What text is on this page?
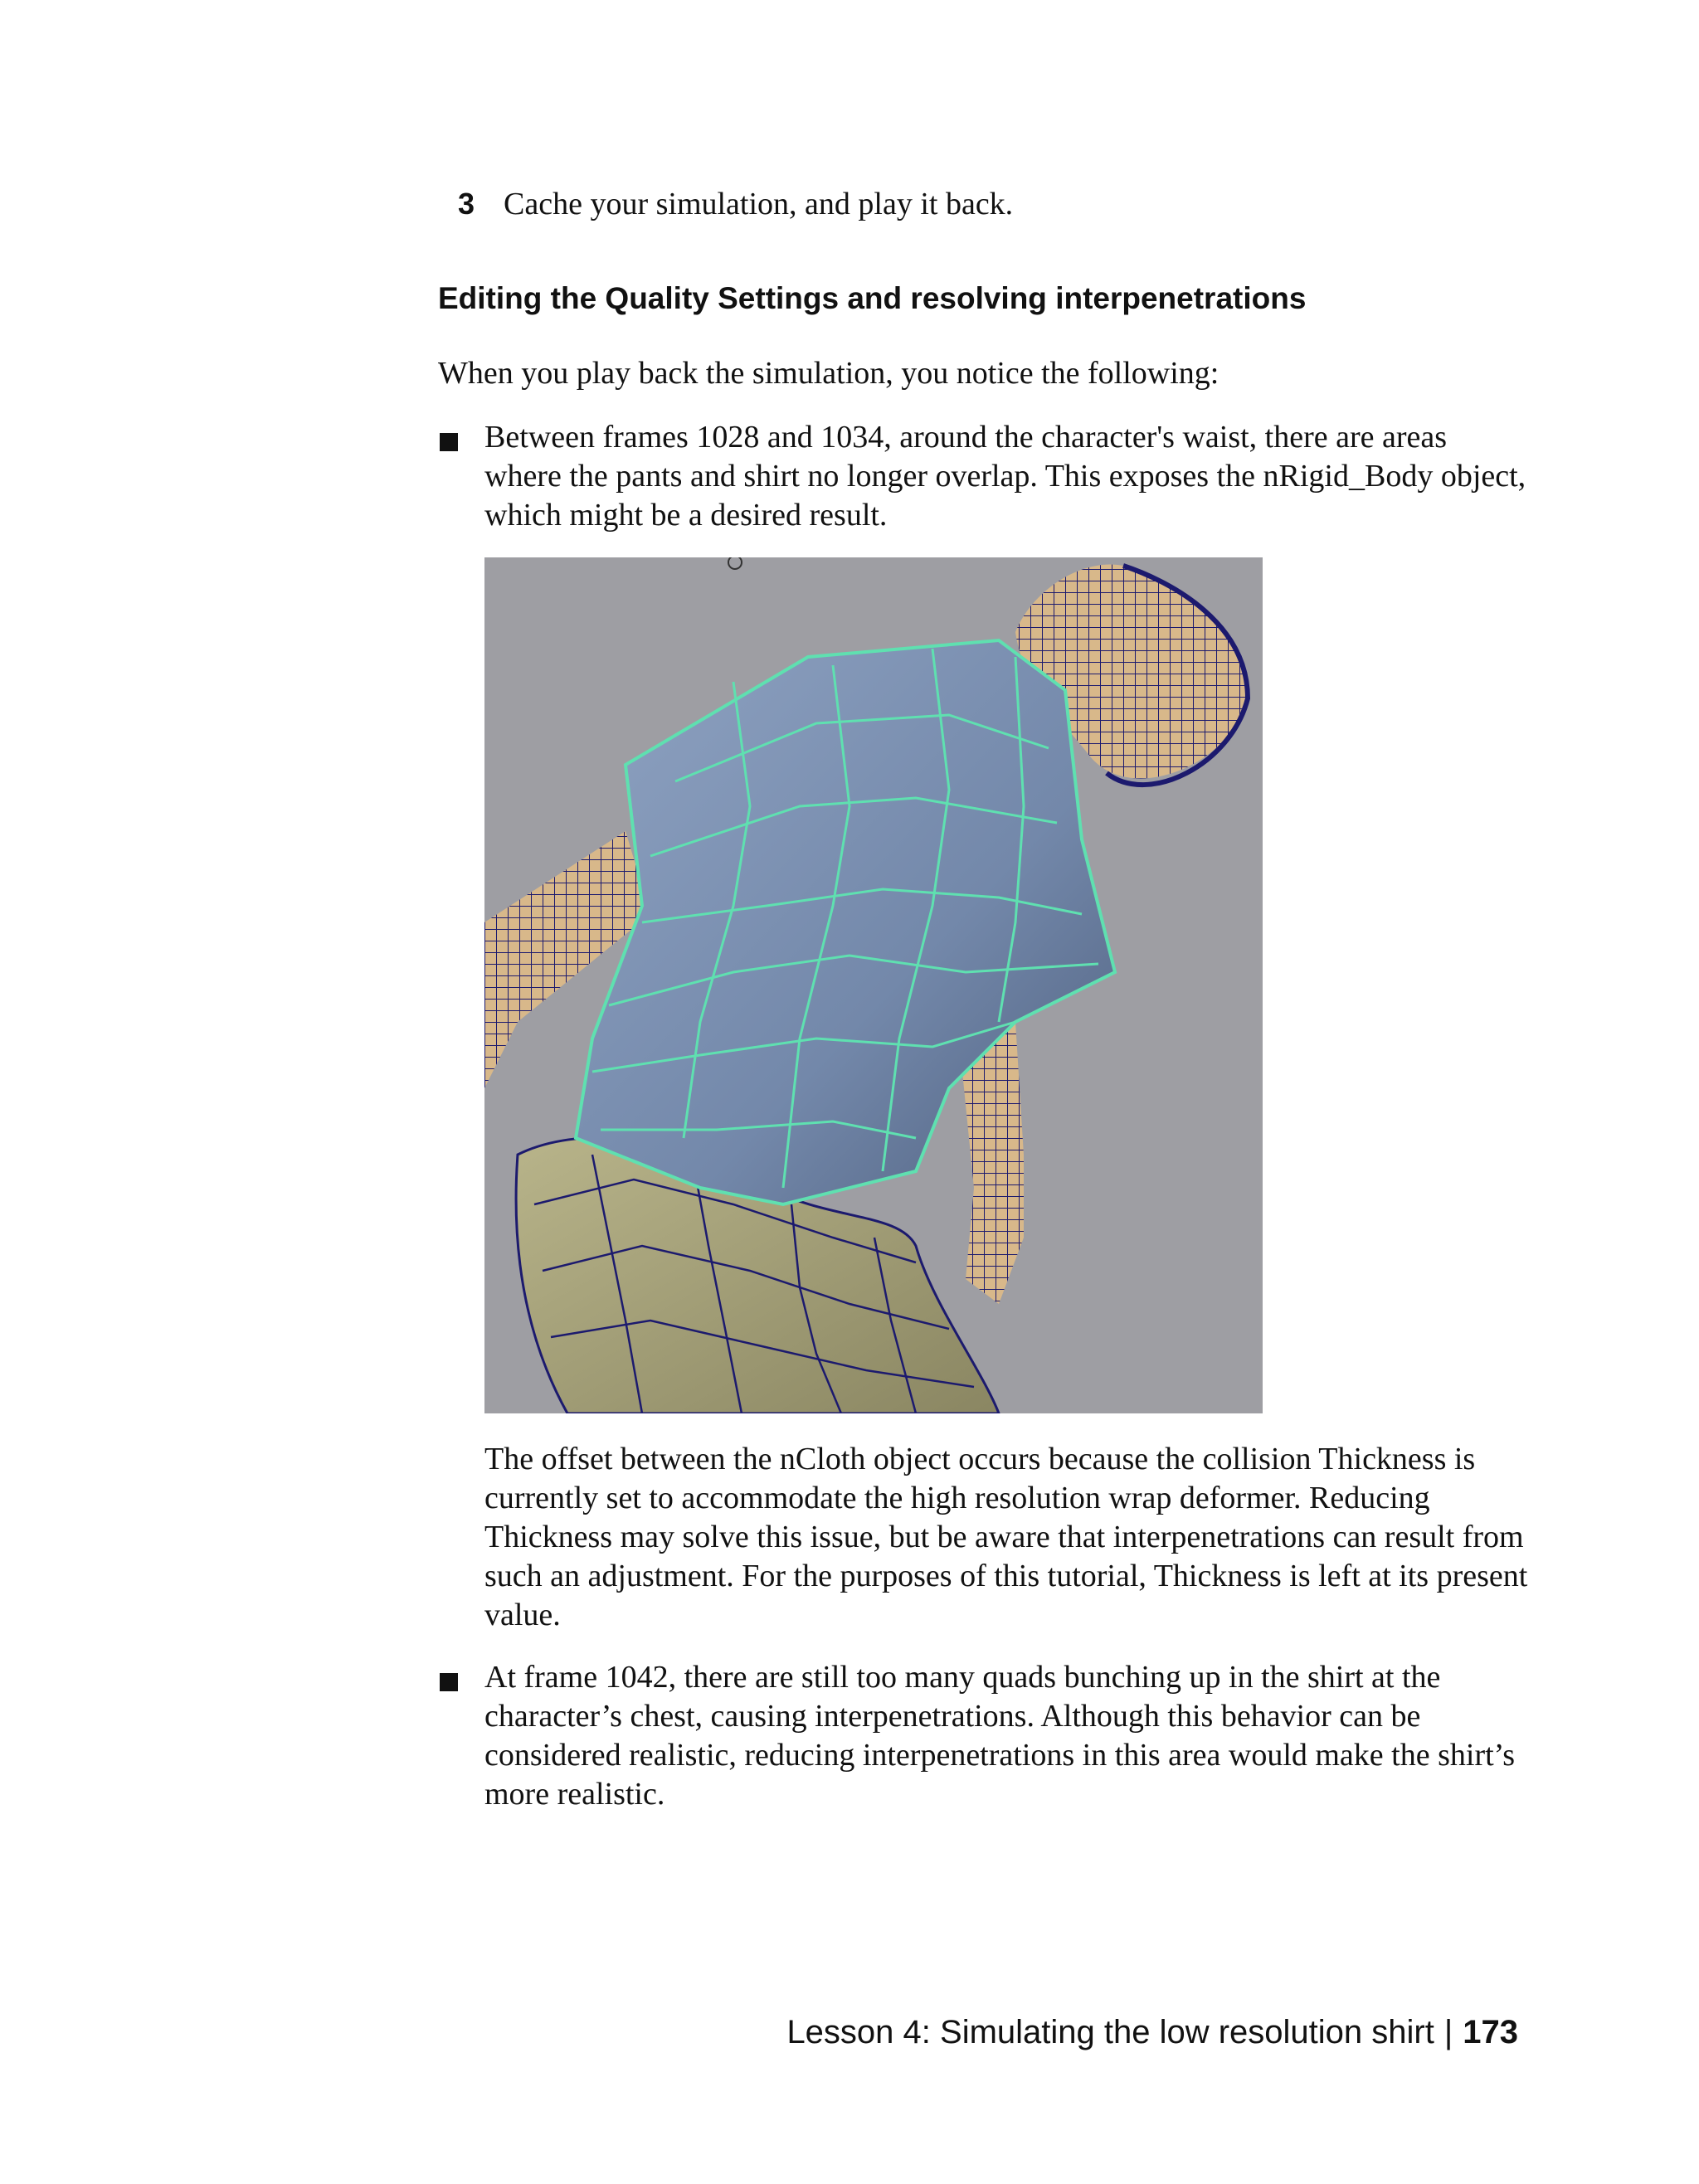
3 Cache your simulation, and play it back.
Editing the Quality Settings and resolving interpenetrations
When you play back the simulation, you notice the following:
Between frames 1028 and 1034, around the character's waist, there are areas where the pants and shirt no longer overlap. This exposes the nRigid_Body object, which might be a desired result.
The offset between the nCloth object occurs because the collision Thickness is currently set to accommodate the high resolution wrap deformer. Reducing Thickness may solve this issue, but be aware that interpenetrations can result from such an adjustment. For the purposes of this tutorial, Thickness is left at its present value.
At frame 1042, there are still too many quads bunching up in the shirt at the character’s chest, causing interpenetrations. Although this behavior can be considered realistic, reducing interpenetrations in this area would make the shirt’s more realistic.
Lesson 4: Simulating the low resolution shirt | 173
